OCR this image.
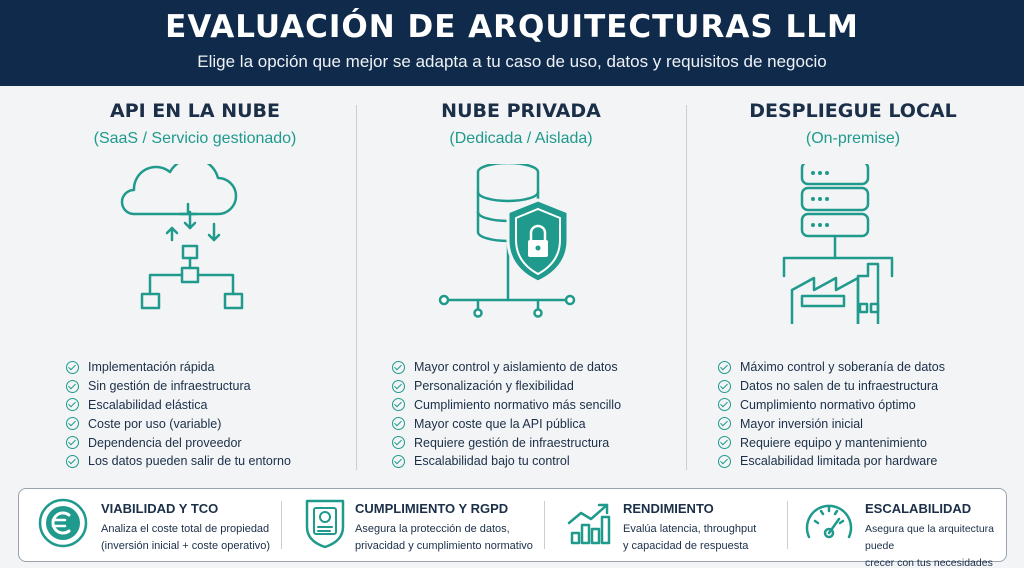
EVALUACIÓN DE ARQUITECTURAS LLM

Elige la opción que mejor se adapta a tu caso de uso, datos y requisitos de negocio

API EN LA NUBE
(SaaS / Servicio gestionado)
Implementación rápida
Sin gestión de infraestructura
Escalabilidad elástica
Coste por uso (variable)
Dependencia del proveedor
Los datos pueden salir de tu entorno
NUBE PRIVADA
(Dedicada / Aislada)
Mayor control y aislamiento de datos
Personalización y flexibilidad
Cumplimiento normativo más sencillo
Mayor coste que la API pública
Requiere gestión de infraestructura
Escalabilidad bajo tu control
DESPLIEGUE LOCAL
(On-premise)
Máximo control y soberanía de datos
Datos no salen de tu infraestructura
Cumplimiento normativo óptimo
Mayor inversión inicial
Requiere equipo y mantenimiento
Escalabilidad limitada por hardware
VIABILIDAD Y TCO
Analiza el coste total de propiedad
(inversión inicial + coste operativo)
CUMPLIMIENTO Y RGPD
Asegura la protección de datos,
privacidad y cumplimiento normativo
RENDIMIENTO
Evalúa latencia, throughput
y capacidad de respuesta
ESCALABILIDAD
Asegura que la arquitectura puede
crecer con tus necesidades
